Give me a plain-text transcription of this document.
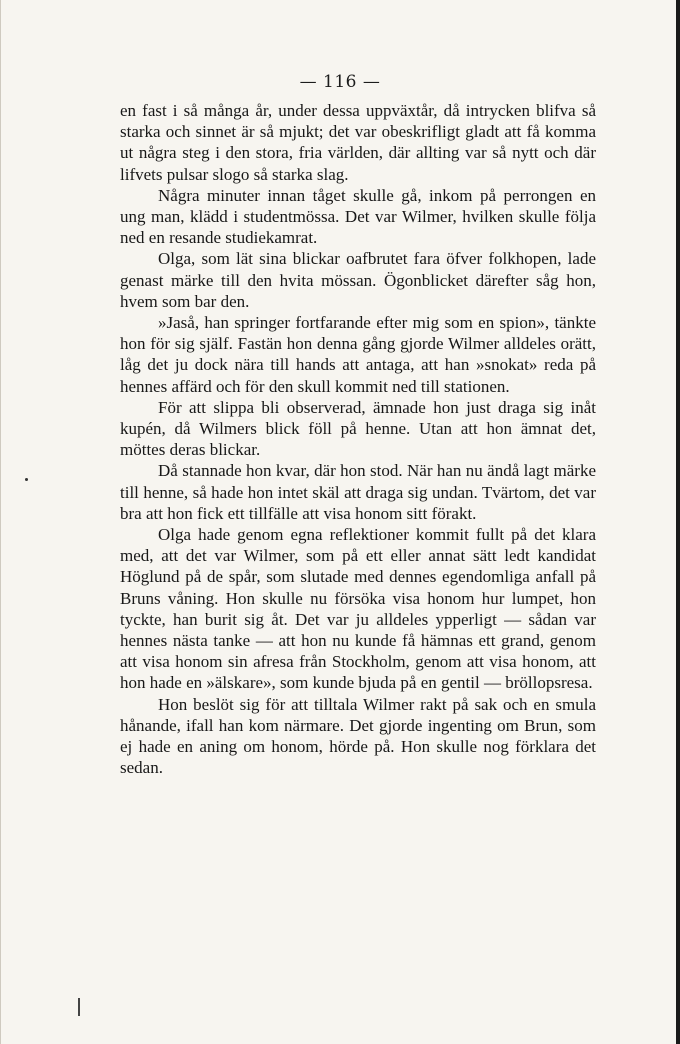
— 116 —

en fast i så många år, under dessa uppväxtår, då intrycken blifva så starka och sinnet är så mjukt; det var obeskrifligt gladt att få komma ut några steg i den stora, fria världen, där allting var så nytt och där lifvets pulsar slogo så starka slag.

Några minuter innan tåget skulle gå, inkom på perrongen en ung man, klädd i studentmössa. Det var Wilmer, hvilken skulle följa ned en resande studiekamrat.

Olga, som lät sina blickar oafbrutet fara öfver folkhopen, lade genast märke till den hvita mössan. Ögonblicket därefter såg hon, hvem som bar den.

»Jaså, han springer fortfarande efter mig som en spion», tänkte hon för sig själf. Fastän hon denna gång gjorde Wilmer alldeles orätt, låg det ju dock nära till hands att antaga, att han »snokat» reda på hennes affärd och för den skull kommit ned till stationen.

För att slippa bli observerad, ämnade hon just draga sig inåt kupén, då Wilmers blick föll på henne. Utan att hon ämnat det, möttes deras blickar.

Då stannade hon kvar, där hon stod. När han nu ändå lagt märke till henne, så hade hon intet skäl att draga sig undan. Tvärtom, det var bra att hon fick ett tillfälle att visa honom sitt förakt.

Olga hade genom egna reflektioner kommit fullt på det klara med, att det var Wilmer, som på ett eller annat sätt ledt kandidat Höglund på de spår, som slutade med dennes egendomliga anfall på Bruns våning. Hon skulle nu försöka visa honom hur lumpet, hon tyckte, han burit sig åt. Det var ju alldeles ypperligt — sådan var hennes nästa tanke — att hon nu kunde få hämnas ett grand, genom att visa honom sin afresa från Stockholm, genom att visa honom, att hon hade en »älskare», som kunde bjuda på en gentil — bröllopsresa.

Hon beslöt sig för att tilltala Wilmer rakt på sak och en smula hånande, ifall han kom närmare. Det gjorde ingenting om Brun, som ej hade en aning om honom, hörde på. Hon skulle nog förklara det sedan.
